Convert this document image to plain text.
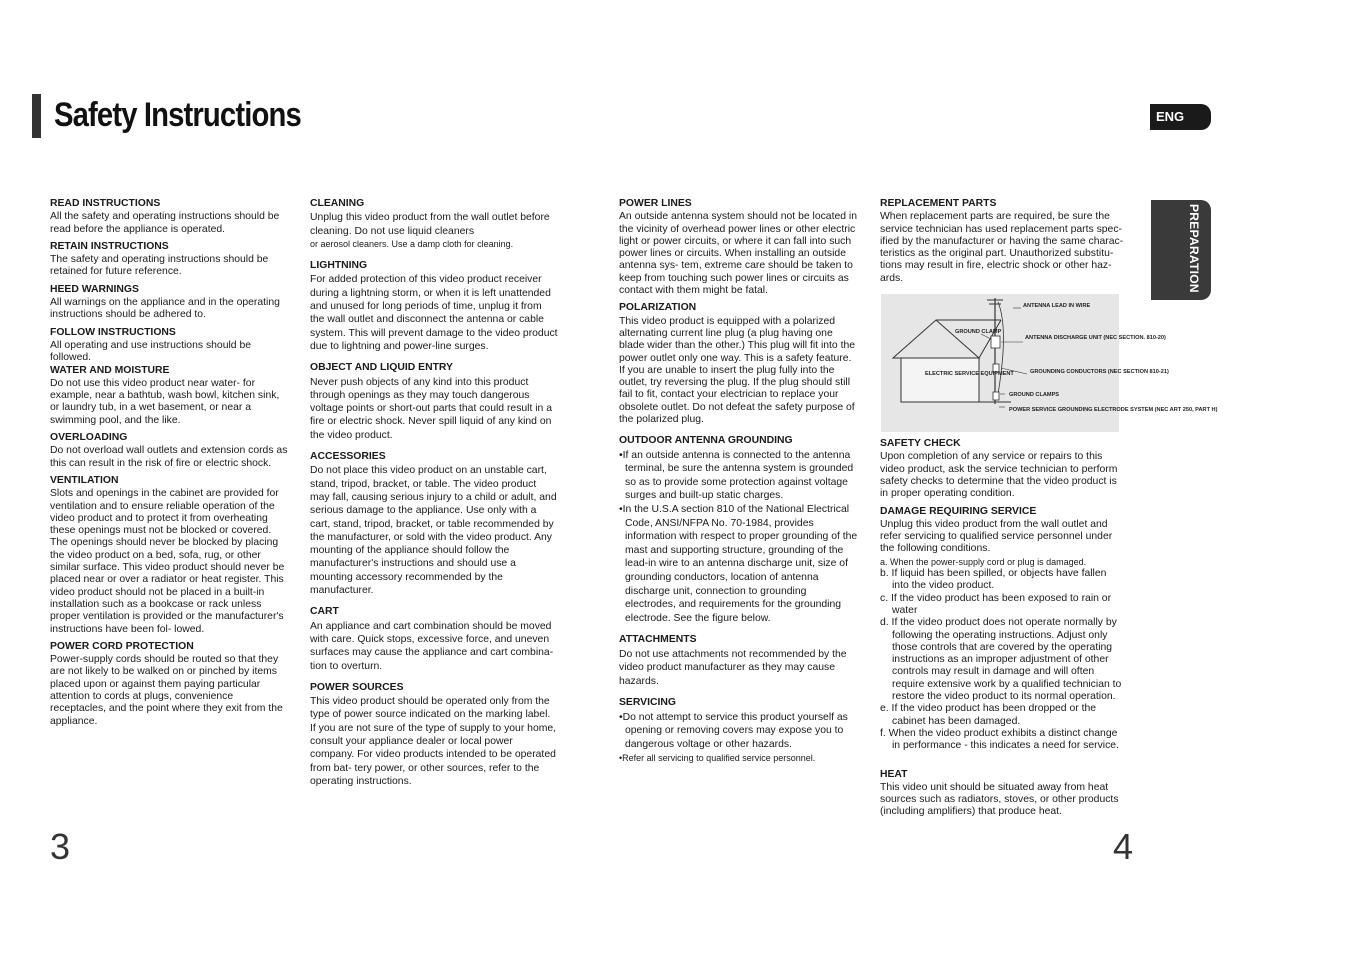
Safety Instructions	ENG
PREPARATION
READ INSTRUCTIONS

All the safety and operating instructions should be read before the appliance is operated.

RETAIN INSTRUCTIONS

The safety and operating instructions should be retained for future reference.

HEED WARNINGS

All warnings on the appliance and in the operating instructions should be adhered to.

FOLLOW INSTRUCTIONS

All operating and use instructions should be followed.

WATER AND MOISTURE

Do not use this video product near water- for example, near a bathtub, wash bowl, kitchen sink, or laundry tub, in a wet basement, or near a swimming pool, and the like.

OVERLOADING

Do not overload wall outlets and extension cords as this can result in the risk of fire or electric shock.

VENTILATION

Slots and openings in the cabinet are provided for ventilation and to ensure reliable operation of the video product and to protect it from overheating these openings must not be blocked or covered. The openings should never be blocked by placing the video product on a bed, sofa, rug, or other similar surface. This video product should never be placed near or over a radiator or heat register. This video product should not be placed in a built-in installation such as a bookcase or rack unless proper ventilation is provided or the manufacturer's instructions have been fol- lowed.

POWER CORD PROTECTION

Power-supply cords should be routed so that they are not likely to be walked on or pinched by items placed upon or against them paying particular attention to cords at plugs, convenience receptacles, and the point where they exit from the appliance.

CLEANING

Unplug this video product from the wall outlet before cleaning. Do not use liquid cleaners

or aerosol cleaners. Use a damp cloth for cleaning.

LIGHTNING

For added protection of this video product receiver during a lightning storm, or when it is left unattended and unused for long periods of time, unplug it from the wall outlet and disconnect the antenna or cable system. This will prevent damage to the video product due to lightning and power-line surges.

OBJECT AND LIQUID ENTRY

Never push objects of any kind into this product through openings as they may touch dangerous voltage points or short-out parts that could result in a fire or electric shock. Never spill liquid of any kind on the video product.

ACCESSORIES

Do not place this video product on an unstable cart, stand, tripod, bracket, or table. The video product may fall, causing serious injury to a child or adult, and serious damage to the appliance. Use only with a cart, stand, tripod, bracket, or table recommended by the manufacturer, or sold with the video product. Any mounting of the appliance should follow the manufacturer's instructions and should use a mounting accessory recommended by the manufacturer.

CART

An appliance and cart combination should be moved with care. Quick stops, excessive force, and uneven surfaces may cause the appliance and cart combina- tion to overturn.

POWER SOURCES

This video product should be operated only from the type of power source indicated on the marking label. If you are not sure of the type of supply to your home, consult your appliance dealer or local power company. For video products intended to be operated from bat- tery power, or other sources, refer to the operating instructions.

POWER LINES

An outside antenna system should not be located in the vicinity of overhead power lines or other electric light or power circuits, or where it can fall into such power lines or circuits. When installing an outside antenna sys- tem, extreme care should be taken to keep from touching such power lines or circuits as contact with them might be fatal.

POLARIZATION

This video product is equipped with a polarized alternating current line plug (a plug having one blade wider than the other.) This plug will fit into the power outlet only one way. This is a safety feature. If you are unable to insert the plug fully into the outlet, try reversing the plug. If the plug should still fail to fit, contact your electrician to replace your obsolete outlet. Do not defeat the safety purpose of the polarized plug.

OUTDOOR ANTENNA GROUNDING

•If an outside antenna is connected to the antenna terminal, be sure the antenna system is grounded so as to provide some protection against voltage surges and built-up static charges.

•In the U.S.A section 810 of the National Electrical Code, ANSI/NFPA No. 70-1984, provides information with respect to proper grounding of the mast and supporting structure, grounding of the lead-in wire to an antenna discharge unit, size of grounding conductors, location of antenna discharge unit, connection to grounding electrodes, and requirements for the grounding electrode. See the figure below.

ATTACHMENTS

Do not use attachments not recommended by the video product manufacturer as they may cause hazards.

SERVICING

•Do not attempt to service this product yourself as opening or removing covers may expose you to dangerous voltage or other hazards.

•Refer all servicing to qualified service personnel.

REPLACEMENT PARTS

When replacement parts are required, be sure the service technician has used replacement parts spec- ified by the manufacturer or having the same charac- teristics as the original part. Unauthorized substitu- tions may result in fire, electric shock or other haz- ards.

SAFETY CHECK

Upon completion of any service or repairs to this video product, ask the service technician to perform safety checks to determine that the video product is in proper operating condition.

DAMAGE REQUIRING SERVICE

Unplug this video product from the wall outlet and refer servicing to qualified service personnel under the following conditions.

a. When the power-supply cord or plug is damaged.

b. If liquid has been spilled, or objects have fallen into the video product.

c. If the video product has been exposed to rain or water

d. If the video product does not operate normally by following the operating instructions. Adjust only those controls that are covered by the operating instructions as an improper adjustment of other controls may result in damage and will often require extensive work by a qualified technician to restore the video product to its normal operation.

e. If the video product has been dropped or the cabinet has been damaged.

f. When the video product exhibits a distinct change in performance - this indicates a need for service.

HEAT

This video unit should be situated away from heat sources such as radiators, stoves, or other products (including amplifiers) that produce heat.

ANTENNA LEAD IN WIRE
GROUND CLAMP
ANTENNA DISCHARGE UNIT (NEC SECTION. 810-20)
GROUNDING CONDUCTORS (NEC SECTION 810-21)
ELECTRIC SERVICE EQUIPMENT
GROUND CLAMPS
POWER SERVICE GROUNDING ELECTRODE SYSTEM (NEC ART 250, PART H)
3	4
